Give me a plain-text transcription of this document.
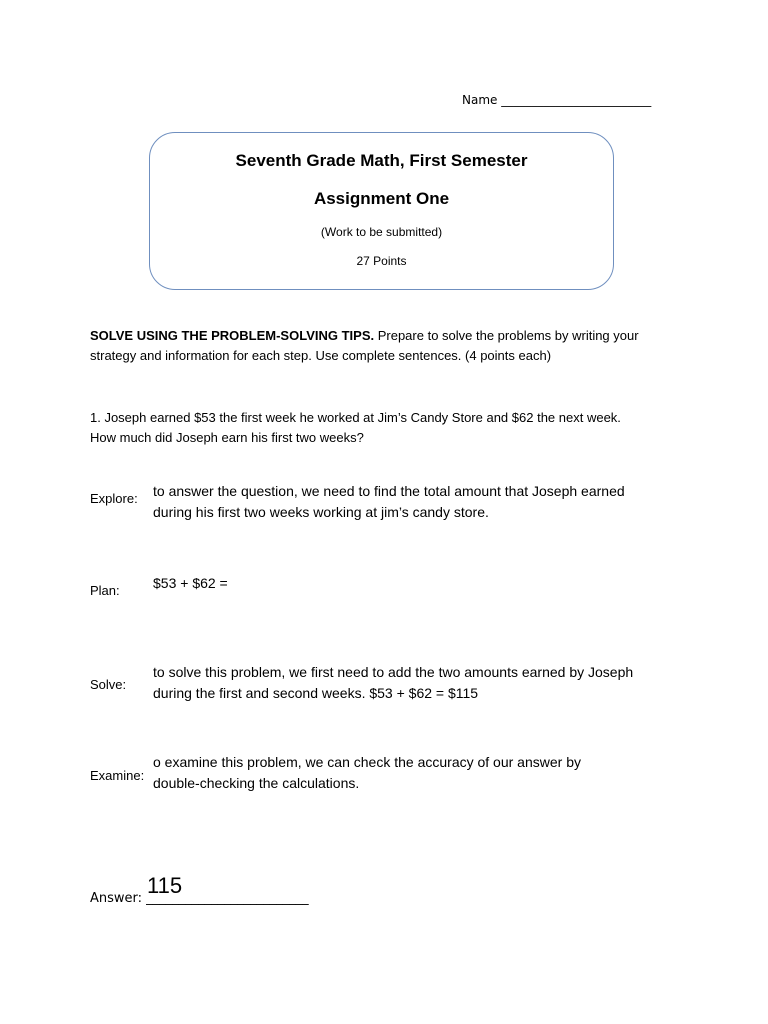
Name _________________________
Seventh Grade Math, First Semester
Assignment One
(Work to be submitted)
27 Points
SOLVE USING THE PROBLEM-SOLVING TIPS. Prepare to solve the problems by writing your strategy and information for each step. Use complete sentences. (4 points each)
1. Joseph earned $53 the first week he worked at Jim’s Candy Store and $62 the next week.
How much did Joseph earn his first two weeks?
Explore: to answer the question, we need to find the total amount that Joseph earned
during his first two weeks working at jim’s candy store.
Plan: $53 + $62 =
Solve:
to solve this problem, we first need to add the two amounts earned by Joseph
during the first and second weeks. $53 + $62 = $115
Examine:
o examine this problem, we can check the accuracy of our answer by
double-checking the calculations.
Answer: _________________________
115
